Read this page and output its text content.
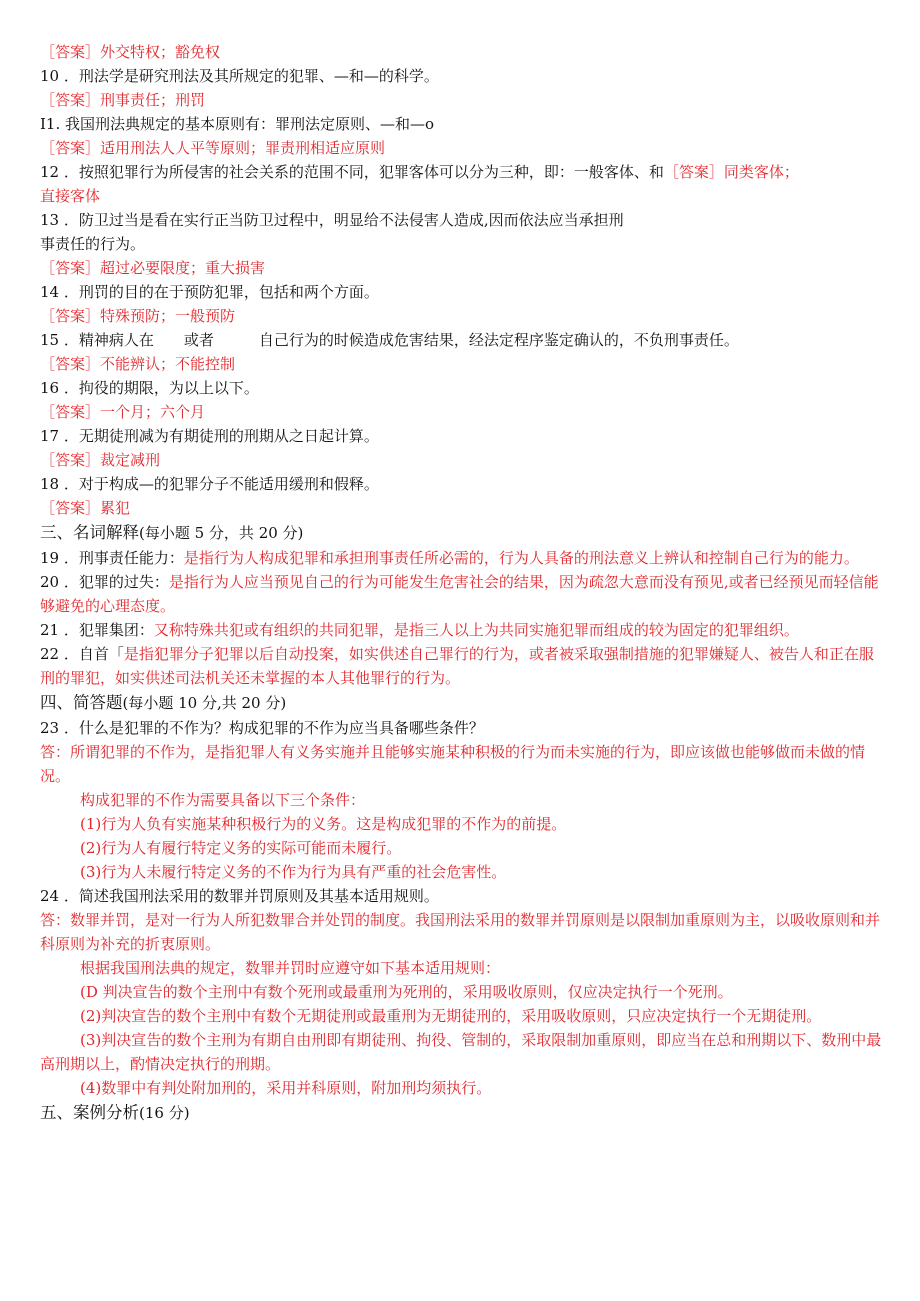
［答案］外交特权；豁免权
10 ．刑法学是研究刑法及其所规定的犯罪、—和—的科学。
［答案］刑事责任；刑罚
I1. 我国刑法典规定的基本原则有：罪刑法定原则、—和—o
［答案］适用刑法人人平等原则；罪责刑相适应原则
12 ．按照犯罪行为所侵害的社会关系的范围不同，犯罪客体可以分为三种，即：一般客体、和［答案］同类客体；
直接客体
13 ．防卫过当是看在实行正当防卫过程中，明显给不法侵害人造成,因而依法应当承担刑
事责任的行为。
［答案］超过必要限度；重大损害
14 ．刑罚的目的在于预防犯罪，包括和两个方面。
［答案］特殊预防；一般预防
15 ．精神病人在　　或者　　　自己行为的时候造成危害结果，经法定程序鉴定确认的，不负刑事责任。
［答案］不能辨认；不能控制
16 ．拘役的期限，为以上以下。
［答案］一个月；六个月
17 ．无期徒刑减为有期徒刑的刑期从之日起计算。
［答案］裁定减刑
18 ．对于构成—的犯罪分子不能适用缓刑和假释。
［答案］累犯
三、名词解释(每小题 5 分，共 20 分)
19 ．刑事责任能力：是指行为人构成犯罪和承担刑事责任所必需的，行为人具备的刑法意义上辨认和控制自己行为的能力。
20 ．犯罪的过失：是指行为人应当预见自己的行为可能发生危害社会的结果，因为疏忽大意而没有预见,或者已经预见而轻信能够避免的心理态度。
21 ．犯罪集团：又称特殊共犯或有组织的共同犯罪，是指三人以上为共同实施犯罪而组成的较为固定的犯罪组织。
22 ．自首「是指犯罪分子犯罪以后自动投案，如实供述自己罪行的行为，或者被采取强制措施的犯罪嫌疑人、被告人和正在服刑的罪犯，如实供述司法机关还未掌握的本人其他罪行的行为。
四、简答题(每小题 10 分,共 20 分)
23 ．什么是犯罪的不作为？构成犯罪的不作为应当具备哪些条件？
答：所谓犯罪的不作为，是指犯罪人有义务实施并且能够实施某种积极的行为而未实施的行为，即应该做也能够做而未做的情况。
构成犯罪的不作为需要具备以下三个条件：
(1)行为人负有实施某种积极行为的义务。这是构成犯罪的不作为的前提。
(2)行为人有履行特定义务的实际可能而未履行。
(3)行为人未履行特定义务的不作为行为具有严重的社会危害性。
24 ．简述我国刑法采用的数罪并罚原则及其基本适用规则。
答：数罪并罚，是对一行为人所犯数罪合并处罚的制度。我国刑法采用的数罪并罚原则是以限制加重原则为主，以吸收原则和并科原则为补充的折衷原则。
根据我国刑法典的规定，数罪并罚时应遵守如下基本适用规则：
(D 判决宣告的数个主刑中有数个死刑或最重刑为死刑的，采用吸收原则，仅应决定执行一个死刑。
(2)判决宣告的数个主刑中有数个无期徒刑或最重刑为无期徒刑的，采用吸收原则，只应决定执行一个无期徒刑。
(3)判决宣告的数个主刑为有期自由刑即有期徒刑、拘役、管制的，采取限制加重原则，即应当在总和刑期以下、数刑中最高刑期以上，酌情决定执行的刑期。
(4)数罪中有判处附加刑的，采用并科原则，附加刑均须执行。
五、案例分析(16 分)
